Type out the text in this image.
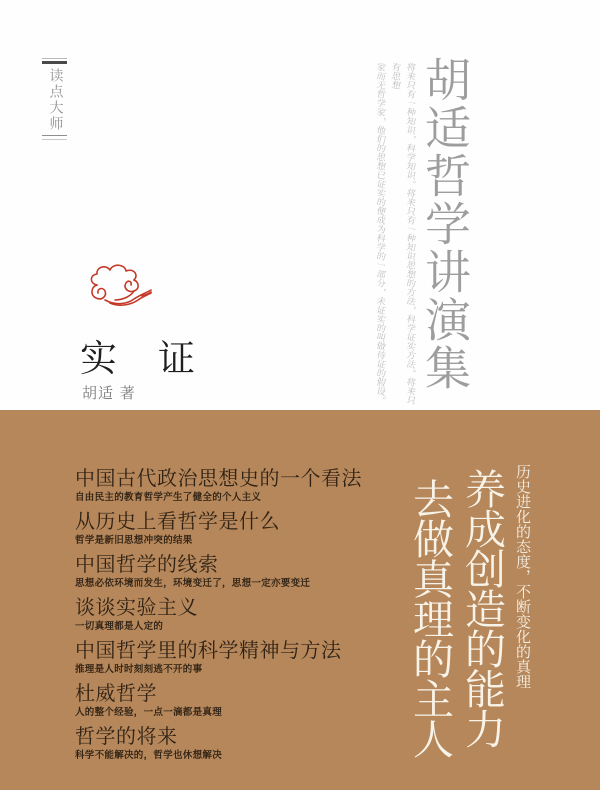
读点大师
实　证
胡适 著
将来只有一种知识，科学知识。将来只有一种知识思想的方法，科学证实方法。将来只有思想
家而无哲学家，他们的思想已证实的便成为科学的一部分，未证实的叫做待证的假设。
胡适哲学讲演集
中国古代政治思想史的一个看法
自由民主的教育哲学产生了健全的个人主义
从历史上看哲学是什么
哲学是新旧思想冲突的结果
中国哲学的线索
思想必依环境而发生，环境变迁了，思想一定亦要变迁
谈谈实验主义
一切真理都是人定的
中国哲学里的科学精神与方法
推理是人时时刻刻逃不开的事
杜威哲学
人的整个经验，一点一滴都是真理
哲学的将来
科学不能解决的，哲学也休想解决
养成创造的能力
去做真理的主人	历史进化的态度，不断变化的真理
